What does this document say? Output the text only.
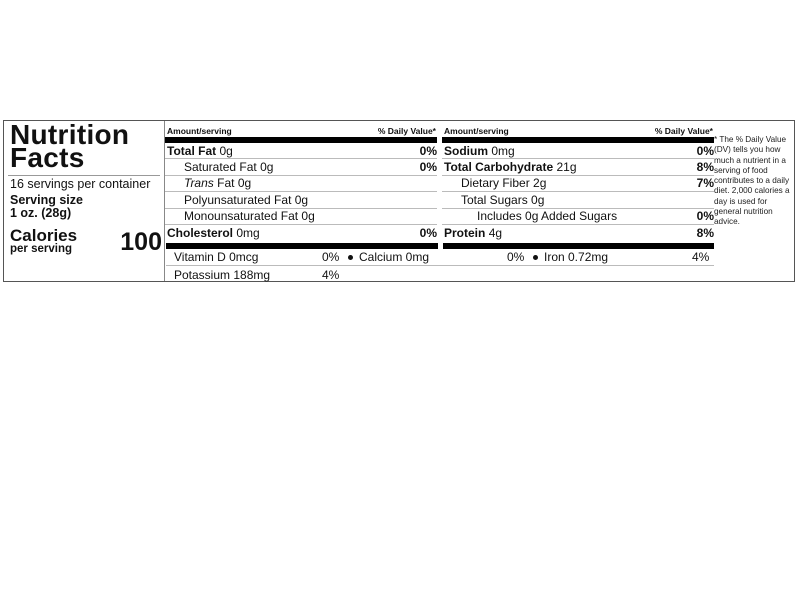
Nutrition
Facts
16 servings per container
Serving size
1 oz. (28g)
Calories
per serving 100
Amount/serving	% Daily Value*
Total Fat 0g	0%
Saturated Fat 0g	0%
Trans Fat 0g
Polyunsaturated Fat 0g
Monounsaturated Fat 0g
Cholesterol 0mg	0%
Amount/serving	% Daily Value*
Sodium 0mg	0%
Total Carbohydrate 21g	8%
Dietary Fiber 2g	7%
Total Sugars 0g
Includes 0g Added Sugars	0%
Protein 4g	8%
Vitamin D 0mcg	0% Calcium 0mg	0% Iron 0.72mg	4%
Potassium 188mg	4%
* The % Daily Value (DV) tells you how much a nutrient in a serving of food contributes to a daily diet. 2,000 calories a day is used for general nutrition advice.
